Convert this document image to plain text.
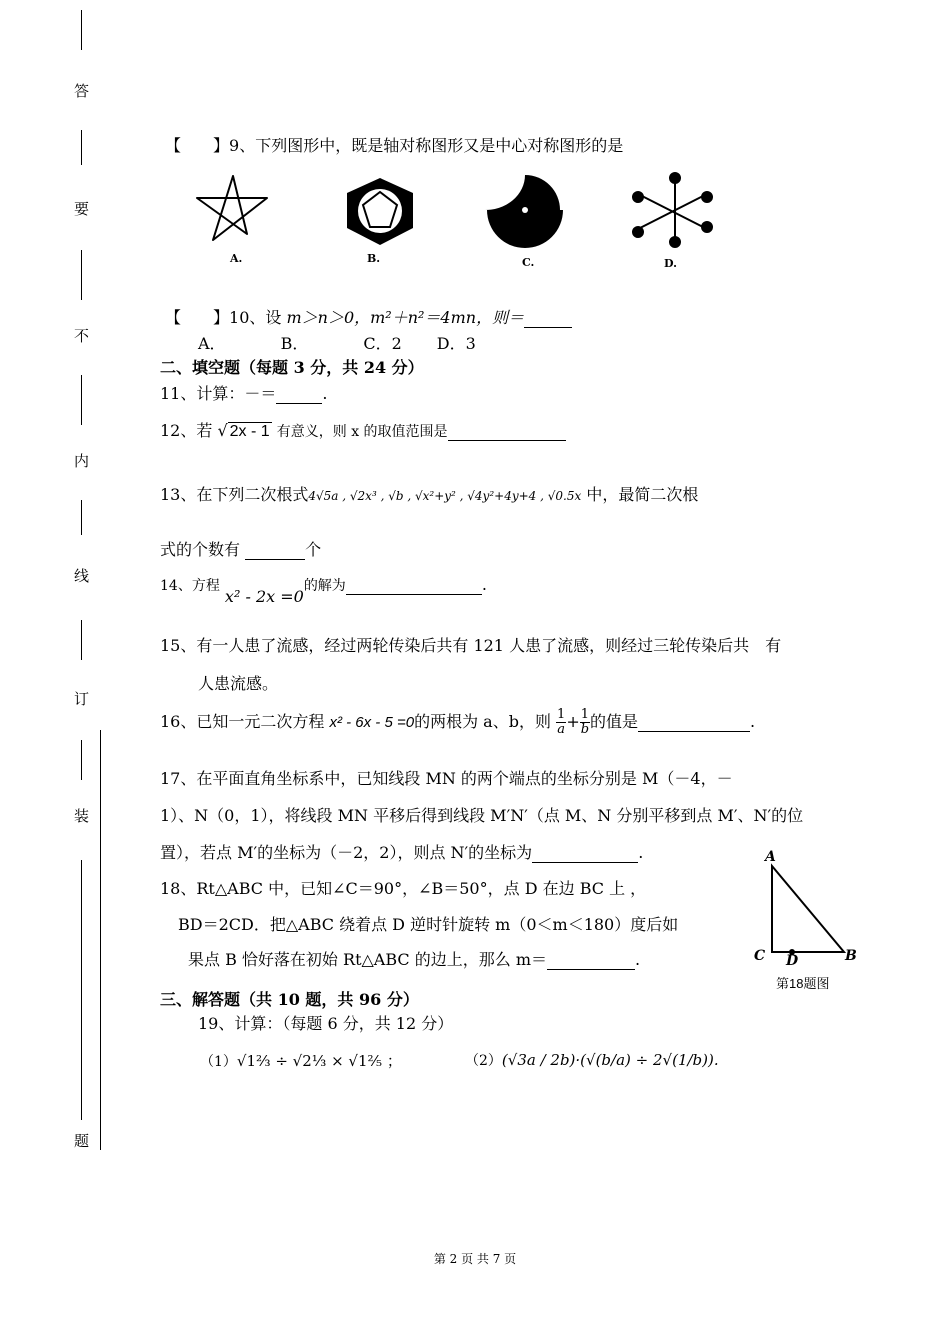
答
要
不
内
线
订
装
题
【　　】9、下列图形中，既是轴对称图形又是中心对称图形的是
A.	B.	C.	D.
【　　】10、设 m＞n＞0，m²＋n²＝4mn，则＝
A．	B．	C．2 D．3
二、填空题（每题 3 分，共 24 分）
11、计算：－＝	.
12、若 √ 2x - 1 有意义，则 x 的取值范围是
13、在下列二次根式4√5a , √2x³ , √b , √x²+y² , √4y²+4y+4 , √0.5x 中，最简二次根
式的个数有	个
14、方程 x² - 2x =0的解为	.
15、有一人患了流感，经过两轮传染后共有 121 人患了流感，则经过三轮传染后共 有
人患流感。
16、已知一元二次方程 x² - 6x - 5 =0的两根为 a、b，则 $\frac{1}{a} + \frac{1}{b}$ 的值是	.
17、在平面直角坐标系中，已知线段 MN 的两个端点的坐标分别是 M（－4，－
1）、N（0，1），将线段 MN 平移后得到线段 M′N′（点 M、N 分别平移到点 M′、N′的位
置），若点 M′的坐标为（－2，2），则点 N′的坐标为	.
18、Rt△ABC 中，已知∠C＝90°，∠B＝50°，点 D 在边 BC 上 ，
BD＝2CD．把△ABC 绕着点 D 逆时针旋转 m（0＜m＜180）度后如
果点 B 恰好落在初始 Rt△ABC 的边上，那么 m＝	.
A
C D	B
第18题图
三、解答题（共 10 题，共 96 分）
19、计算：（每题 6 分，共 12 分）
（1）√1⅔ ÷ √2⅓ × √1⅖ ；	（2）(√3a / 2b)·(√(b/a) ÷ 2√(1/b)).
第 2 页 共 7 页
